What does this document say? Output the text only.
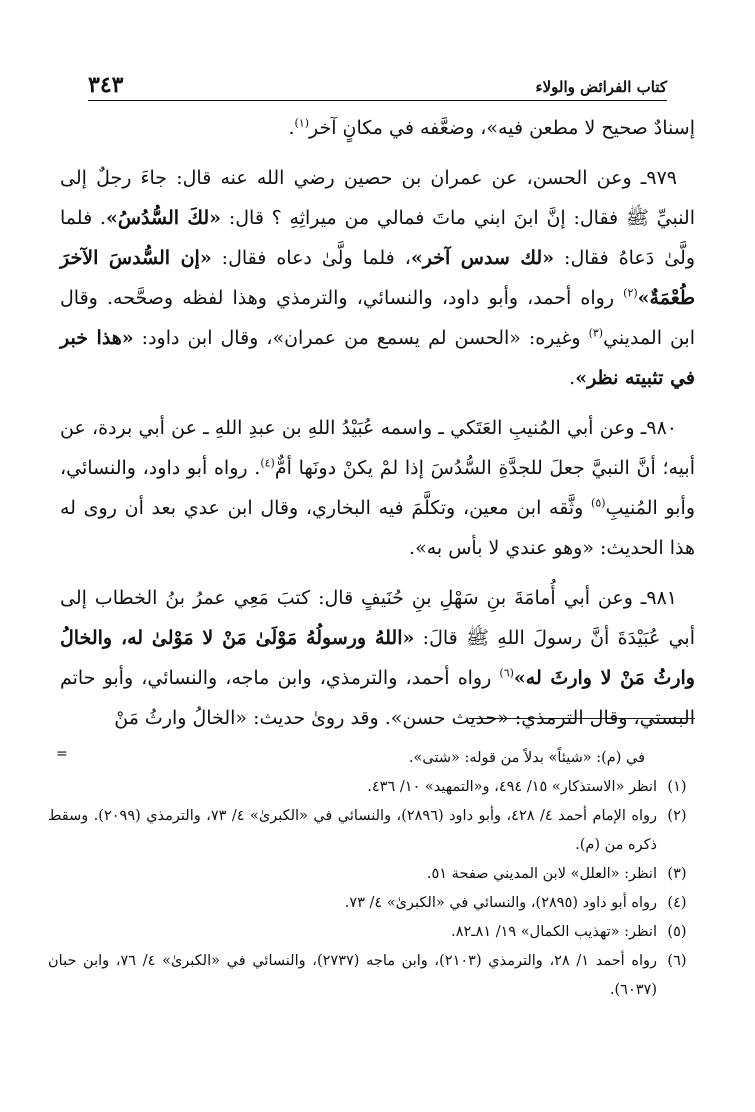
كتاب الفرائض والولاء
٣٤٣

إسنادٌ صحيح لا مطعن فيه»، وضعَّفه في مكانٍ آخر$^{(١)}$.

٩٧٩ـ وعن الحسن، عن عمران بن حصين رضي الله عنه قال: جاءَ رجلٌ إلى النبيِّ ﷺ فقال: إنَّ ابنَ ابني ماتَ فمالي من ميراثِهِ ؟ قال: «لكَ السُّدُسُ». فلما ولَّىٰ دَعاهُ فقال: «لك سدس آخر»، فلما ولَّىٰ دعاه فقال: «إن السُّدسَ الآخرَ طُعْمَةٌ»$^{(٢)}$ رواه أحمد، وأبو داود، والنسائي، والترمذي وهذا لفظه وصحَّحه. وقال ابن المديني$^{(٣)}$ وغيره: «الحسن لم يسمع من عمران»، وقال ابن داود: «هذا خبر في تثبيته نظر».

٩٨٠ـ وعن أبي المُنيبِ العَتَكي ـ واسمه عُبَيْدُ اللهِ بن عبدِ اللهِ ـ عن أبي بردة، عن أبيه؛ أنَّ النبيَّ جعلَ للجدَّةِ السُّدُسَ إذا لمْ يكنْ دونَها أمٌّ$^{(٤)}$. رواه أبو داود، والنسائي، وأبو المُنيبِ$^{(٥)}$ وثَّقه ابن معين، وتكلَّمَ فيه البخاري، وقال ابن عدي بعد أن روى له هذا الحديث: «وهو عندي لا بأس به».

٩٨١ـ وعن أبي أُمامَةَ بنِ سَهْلِ بنِ حُنَيفٍ قال: كتبَ مَعِي عمرُ بنُ الخطاب إلى أبي عُبَيْدَةَ أنَّ رسولَ اللهِ ﷺ قالَ: «اللهُ ورسولُهُ مَوْلَىٰ مَنْ لا مَوْلىٰ له، والخالُ وارثُ مَنْ لا وارثَ له»$^{(٦)}$ رواه أحمد، والترمذي، وابن ماجه، والنسائي، وأبو حاتم البستي، وقال الترمذي: «حديث حسن». وقد روىٰ حديث: «الخالُ وارثُ مَنْ

=	في (م): «شيئاً» بدلاً من قوله: «شتى».
(١)
انظر «الاستذكار» ١٥/ ٤٩٤، و«التمهيد» ١٠/ ٤٣٦.
(٢)
رواه الإمام أحمد ٤/ ٤٢٨، وأبو داود (٢٨٩٦)، والنسائي في «الكبرىٰ» ٤/ ٧٣، والترمذي (٢٠٩٩). وسقط ذكره من (م).
(٣)
انظر: «العلل» لابن المديني صفحة ٥١.
(٤)
رواه أبو داود (٢٨٩٥)، والنسائي في «الكبرىٰ» ٤/ ٧٣.
(٥)
انظر: «تهذيب الكمال» ١٩/ ٨١ـ٨٢.
(٦)
رواه أحمد ١/ ٢٨، والترمذي (٢١٠٣)، وابن ماجه (٢٧٣٧)، والنسائي في «الكبرىٰ» ٤/ ٧٦، وابن حبان (٦٠٣٧).
